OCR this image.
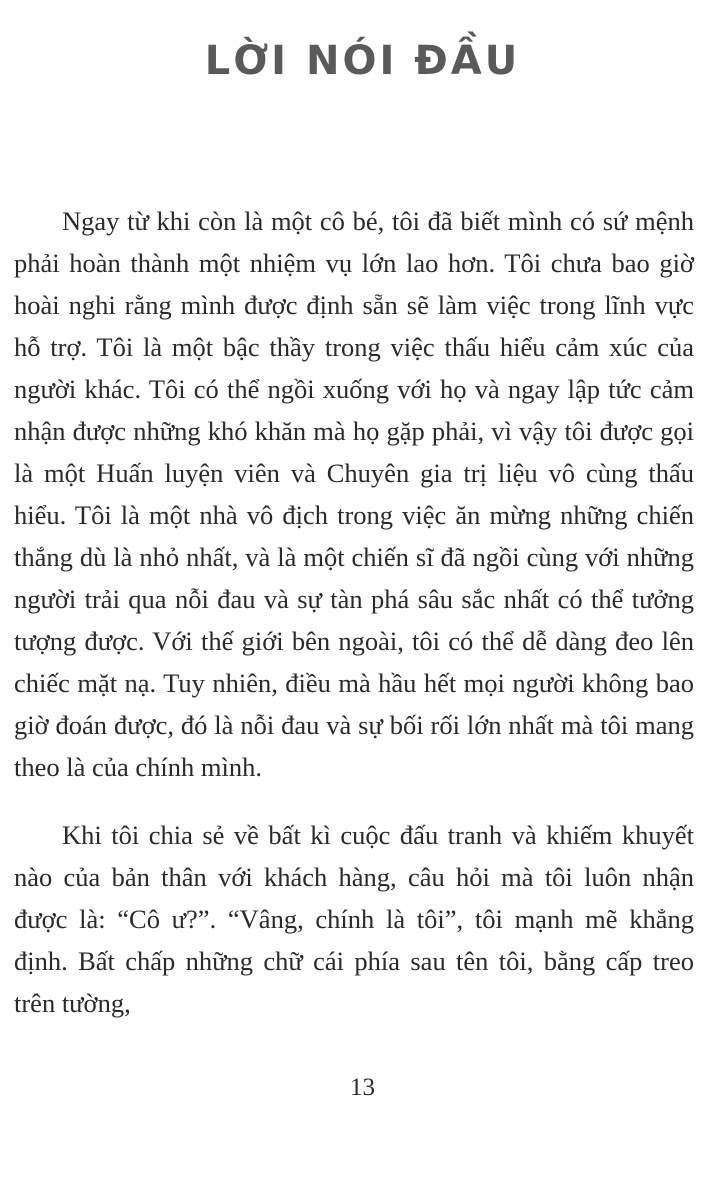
LỜI NÓI ĐẦU

Ngay từ khi còn là một cô bé, tôi đã biết mình có sứ mệnh phải hoàn thành một nhiệm vụ lớn lao hơn. Tôi chưa bao giờ hoài nghi rằng mình được định sẵn sẽ làm việc trong lĩnh vực hỗ trợ. Tôi là một bậc thầy trong việc thấu hiểu cảm xúc của người khác. Tôi có thể ngồi xuống với họ và ngay lập tức cảm nhận được những khó khăn mà họ gặp phải, vì vậy tôi được gọi là một Huấn luyện viên và Chuyên gia trị liệu vô cùng thấu hiểu. Tôi là một nhà vô địch trong việc ăn mừng những chiến thắng dù là nhỏ nhất, và là một chiến sĩ đã ngồi cùng với những người trải qua nỗi đau và sự tàn phá sâu sắc nhất có thể tưởng tượng được. Với thế giới bên ngoài, tôi có thể dễ dàng đeo lên chiếc mặt nạ. Tuy nhiên, điều mà hầu hết mọi người không bao giờ đoán được, đó là nỗi đau và sự bối rối lớn nhất mà tôi mang theo là của chính mình.

Khi tôi chia sẻ về bất kì cuộc đấu tranh và khiếm khuyết nào của bản thân với khách hàng, câu hỏi mà tôi luôn nhận được là: “Cô ư?”. “Vâng, chính là tôi”, tôi mạnh mẽ khẳng định. Bất chấp những chữ cái phía sau tên tôi, bằng cấp treo trên tường,

13
